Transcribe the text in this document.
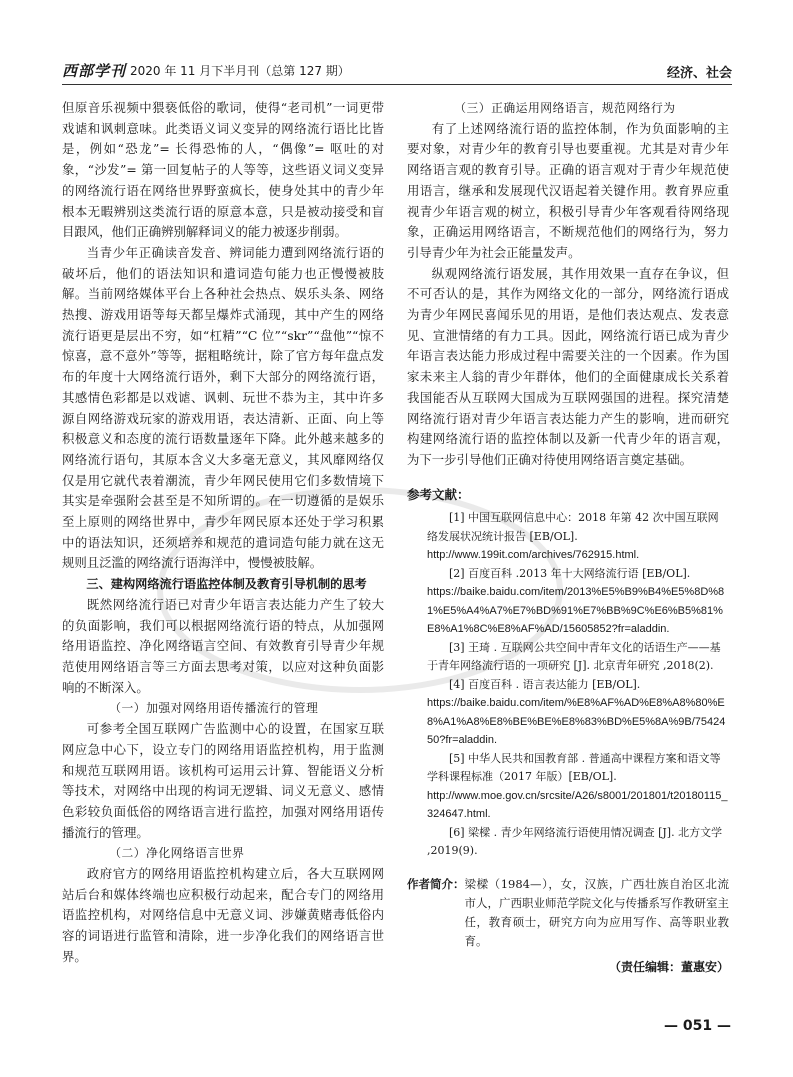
西部学刊 2020 年 11 月下半月刊（总第 127 期）	经济、社会

但原音乐视频中猥亵低俗的歌词，使得“老司机”一词更带戏谑和讽刺意味。此类语义词义变异的网络流行语比比皆是，例如“恐龙”= 长得恐怖的人，“偶像”= 呕吐的对象，“沙发”= 第一回复帖子的人等等，这些语义词义变异的网络流行语在网络世界野蛮疯长，使身处其中的青少年根本无暇辨别这类流行语的原意本意，只是被动接受和盲目跟风，他们正确辨别解释词义的能力被逐步削弱。

当青少年正确读音发音、辨词能力遭到网络流行语的破坏后，他们的语法知识和遣词造句能力也正慢慢被肢解。当前网络媒体平台上各种社会热点、娱乐头条、网络热搜、游戏用语等每天都呈爆炸式涌现，其中产生的网络流行语更是层出不穷，如“杠精”“C 位”“skr”“盘他”“惊不惊喜，意不意外”等等，据粗略统计，除了官方每年盘点发布的年度十大网络流行语外，剩下大部分的网络流行语，其感情色彩都是以戏谑、讽刺、玩世不恭为主，其中许多源自网络游戏玩家的游戏用语，表达清新、正面、向上等积极意义和态度的流行语数量逐年下降。此外越来越多的网络流行语句，其原本含义大多毫无意义，其风靡网络仅仅是用它就代表着潮流，青少年网民使用它们多数情境下其实是牵强附会甚至是不知所谓的。在一切遵循的是娱乐至上原则的网络世界中，青少年网民原本还处于学习积累中的语法知识，还须培养和规范的遣词造句能力就在这无规则且泛滥的网络流行语海洋中，慢慢被肢解。

三、建构网络流行语监控体制及教育引导机制的思考

既然网络流行语已对青少年语言表达能力产生了较大的负面影响，我们可以根据网络流行语的特点，从加强网络用语监控、净化网络语言空间、有效教育引导青少年规范使用网络语言等三方面去思考对策，以应对这种负面影响的不断深入。

（一）加强对网络用语传播流行的管理

可参考全国互联网广告监测中心的设置，在国家互联网应急中心下，设立专门的网络用语监控机构，用于监测和规范互联网用语。该机构可运用云计算、智能语义分析等技术，对网络中出现的构词无逻辑、词义无意义、感情色彩较负面低俗的网络语言进行监控，加强对网络用语传播流行的管理。

（二）净化网络语言世界

政府官方的网络用语监控机构建立后，各大互联网网站后台和媒体终端也应积极行动起来，配合专门的网络用语监控机构，对网络信息中无意义词、涉嫌黄赌毒低俗内容的词语进行监管和清除，进一步净化我们的网络语言世界。

（三）正确运用网络语言，规范网络行为

有了上述网络流行语的监控体制，作为负面影响的主要对象，对青少年的教育引导也要重视。尤其是对青少年网络语言观的教育引导。正确的语言观对于青少年规范使用语言，继承和发展现代汉语起着关键作用。教育界应重视青少年语言观的树立，积极引导青少年客观看待网络现象，正确运用网络语言，不断规范他们的网络行为，努力引导青少年为社会正能量发声。

纵观网络流行语发展，其作用效果一直存在争议，但不可否认的是，其作为网络文化的一部分，网络流行语成为青少年网民喜闻乐见的用语，是他们表达观点、发表意见、宣泄情绪的有力工具。因此，网络流行语已成为青少年语言表达能力形成过程中需要关注的一个因素。作为国家未来主人翁的青少年群体，他们的全面健康成长关系着我国能否从互联网大国成为互联网强国的进程。探究清楚网络流行语对青少年语言表达能力产生的影响，进而研究构建网络流行语的监控体制以及新一代青少年的语言观，为下一步引导他们正确对待使用网络语言奠定基础。

参考文献：

[1] 中国互联网信息中心：2018 年第 42 次中国互联网络发展状况统计报告 [EB/OL].
http://www.199it.com/archives/762915.html.

[2] 百度百科 .2013 年十大网络流行语 [EB/OL].
https://baike.baidu.com/item/2013%E5%B9%B4%E5%8D%81%E5%A4%A7%E7%BD%91%E7%BB%9C%E6%B5%81%E8%A1%8C%E8%AF%AD/15605852?fr=aladdin.

[3] 王琦 . 互联网公共空间中青年文化的话语生产——基于青年网络流行语的一项研究 [J]. 北京青年研究 ,2018(2).

[4] 百度百科 . 语言表达能力 [EB/OL].
https://baike.baidu.com/item/%E8%AF%AD%E8%A8%80%E8%A1%A8%E8%BE%BE%E8%83%BD%E5%8A%9B/7542450?fr=aladdin.

[5] 中华人民共和国教育部 . 普通高中课程方案和语文等学科课程标准（2017 年版）[EB/OL].
http://www.moe.gov.cn/srcsite/A26/s8001/201801/t20180115_324647.html.

[6] 梁樑 . 青少年网络流行语使用情况调查 [J]. 北方文学 ,2019(9).

作者简介： 梁樑（1984—），女，汉族，广西壮族自治区北流市人，广西职业师范学院文化与传播系写作教研室主任，教育硕士，研究方向为应用写作、高等职业教育。
（责任编辑：董惠安）
— 051 —
